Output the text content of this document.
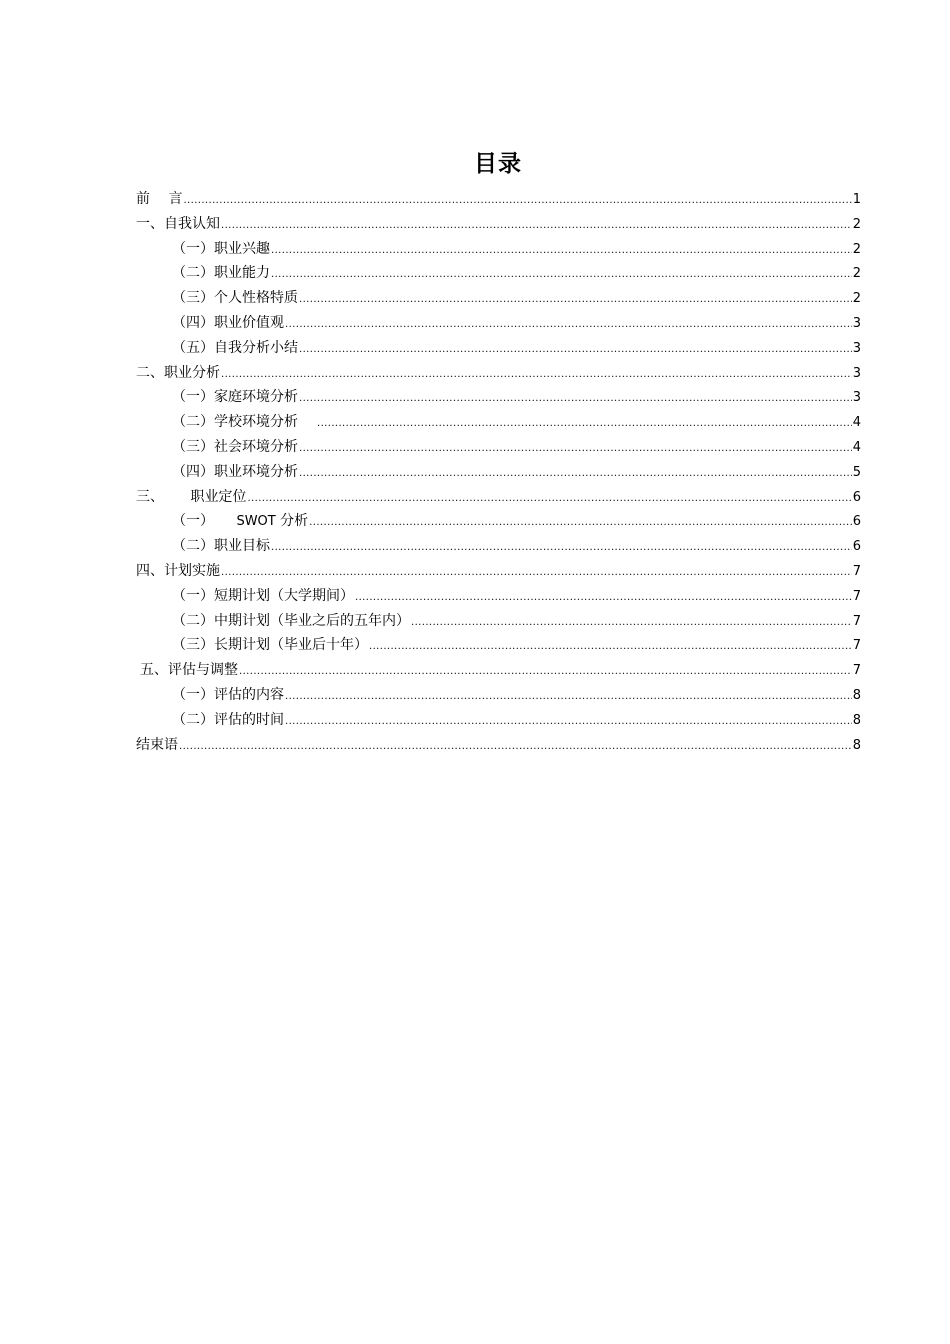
目录
前 言 .....	1
一、自我认知 .....	2
（一）职业兴趣 .....	2
（二）职业能力 .....	2
（三）个人性格特质 .....	2
（四）职业价值观 .....	3
（五）自我分析小结 .....	3
二、职业分析 .....	3
（一）家庭环境分析 .....	3
（二）学校环境分析 .....	4
（三）社会环境分析 .....	4
（四）职业环境分析 .....	5
三、 职业定位 .....	6
（一） SWOT 分析 .....	6
（二）职业目标 .....	6
四、计划实施 .....	7
（一）短期计划（大学期间） .....	7
（二）中期计划（毕业之后的五年内） .....	7
（三）长期计划（毕业后十年） .....	7
五、评估与调整 .....	7
（一）评估的内容 .....	8
（二）评估的时间 .....	8
结束语 .....	8
